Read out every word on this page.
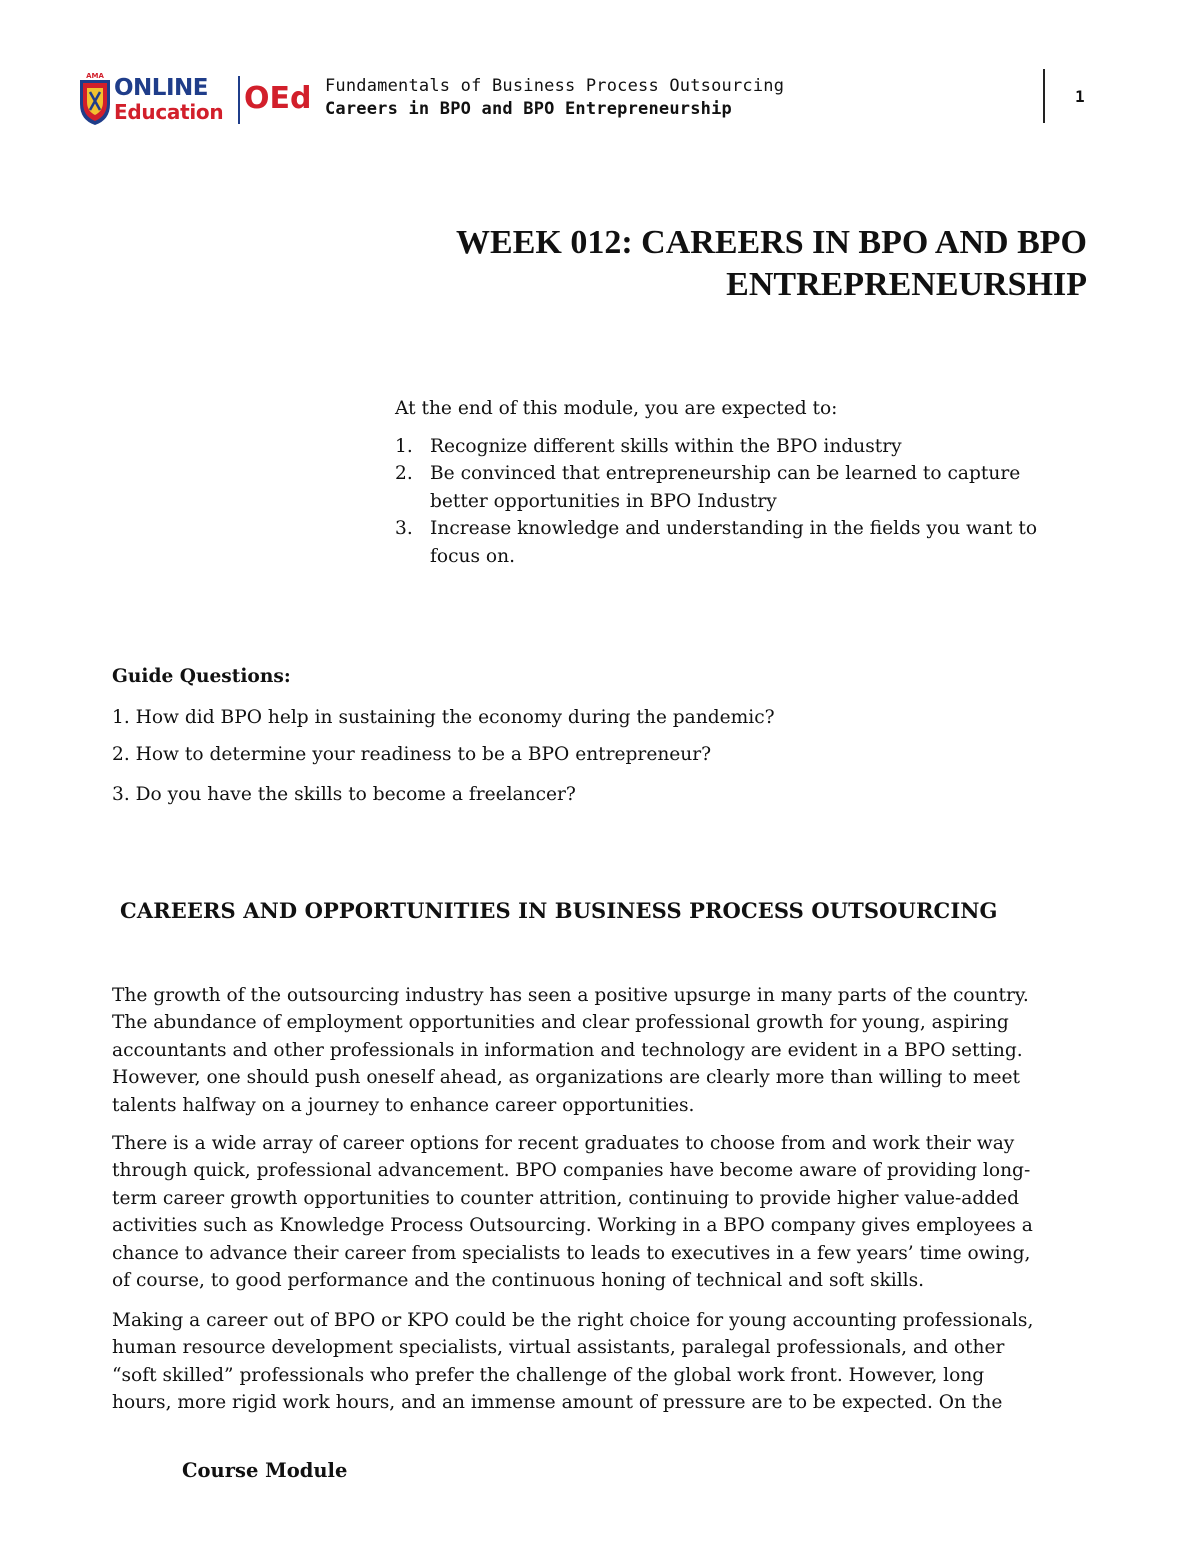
AMA ONLINE
Education OEd Fundamentals of Business Process Outsourcing
Careers in BPO and BPO Entrepreneurship
1
WEEK 012: CAREERS IN BPO AND BPO
ENTREPRENEURSHIP
At the end of this module, you are expected to:
1. Recognize different skills within the BPO industry
2. Be convinced that entrepreneurship can be learned to capture
better opportunities in BPO Industry
3. Increase knowledge and understanding in the fields you want to
focus on.
Guide Questions:
1. How did BPO help in sustaining the economy during the pandemic?
2. How to determine your readiness to be a BPO entrepreneur?
3. Do you have the skills to become a freelancer?
CAREERS AND OPPORTUNITIES IN BUSINESS PROCESS OUTSOURCING
The growth of the outsourcing industry has seen a positive upsurge in many parts of the country.
The abundance of employment opportunities and clear professional growth for young, aspiring
accountants and other professionals in information and technology are evident in a BPO setting.
However, one should push oneself ahead, as organizations are clearly more than willing to meet
talents halfway on a journey to enhance career opportunities.
There is a wide array of career options for recent graduates to choose from and work their way
through quick, professional advancement. BPO companies have become aware of providing long-
term career growth opportunities to counter attrition, continuing to provide higher value-added
activities such as Knowledge Process Outsourcing. Working in a BPO company gives employees a
chance to advance their career from specialists to leads to executives in a few years’ time owing,
of course, to good performance and the continuous honing of technical and soft skills.
Making a career out of BPO or KPO could be the right choice for young accounting professionals,
human resource development specialists, virtual assistants, paralegal professionals, and other
“soft skilled” professionals who prefer the challenge of the global work front. However, long
hours, more rigid work hours, and an immense amount of pressure are to be expected. On the
Course Module
